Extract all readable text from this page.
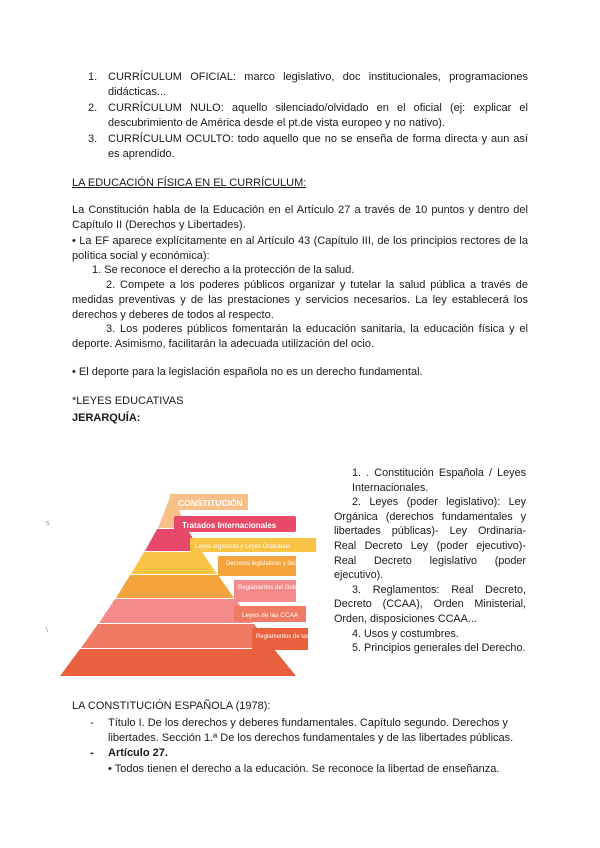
1. CURRÍCULUM OFICIAL: marco legislativo, doc institucionales, programaciones didácticas...
2. CURRÍCULUM NULO: aquello silenciado/olvidado en el oficial (ej: explicar el descubrimiento de América desde el pt.de vista europeo y no nativo).
3. CURRÍCULUM OCULTO: todo aquello que no se enseña de forma directa y aun así es aprendido.
LA EDUCACIÓN FÍSICA EN EL CURRÍCULUM:
La Constitución habla de la Educación en el Artículo 27 a través de 10 puntos y dentro del Capítulo II (Derechos y Libertades).
• La EF aparece explícitamente en al Artículo 43 (Capítulo III, de los principios rectores de la política social y económica):
1. Se reconoce el derecho a la protección de la salud.
2. Compete a los poderes públicos organizar y tutelar la salud pública a través de medidas preventivas y de las prestaciones y servicios necesarios. La ley establecerá los derechos y deberes de todos al respecto.
3. Los poderes públicos fomentarán la educación sanitaria, la educación física y el deporte. Asimismo, facilitarán la adecuada utilización del ocio.
• El deporte para la legislación española no es un derecho fundamental.
*LEYES EDUCATIVAS
JERARQUÍA:
s
\
CONSTITUCIÓN
Tratados Internacionales
Leyes orgánicas y Leyes Ordinarias
Decretos legislativos y decretos-leyes
Reglamentos del Gobierno
Leyes de las CCAA
Reglamentos de las CCAA
1. . Constitución Española / Leyes Internacionales.
2. Leyes (poder legislativo): Ley Orgánica (derechos fundamentales y libertades públicas)- Ley Ordinaria- Real Decreto Ley (poder ejecutivo)- Real Decreto legislativo (poder ejecutivo).
3. Reglamentos: Real Decreto, Decreto (CCAA), Orden Ministerial, Orden, disposiciones CCAA...
4. Usos y costumbres.
5. Principios generales del Derecho.
LA CONSTITUCIÓN ESPAÑOLA (1978):
-	Título I. De los derechos y deberes fundamentales. Capítulo segundo. Derechos y libertades. Sección 1.ª De los derechos fundamentales y de las libertades públicas.
-	Artículo 27.
• Todos tienen el derecho a la educación. Se reconoce la libertad de enseñanza.
